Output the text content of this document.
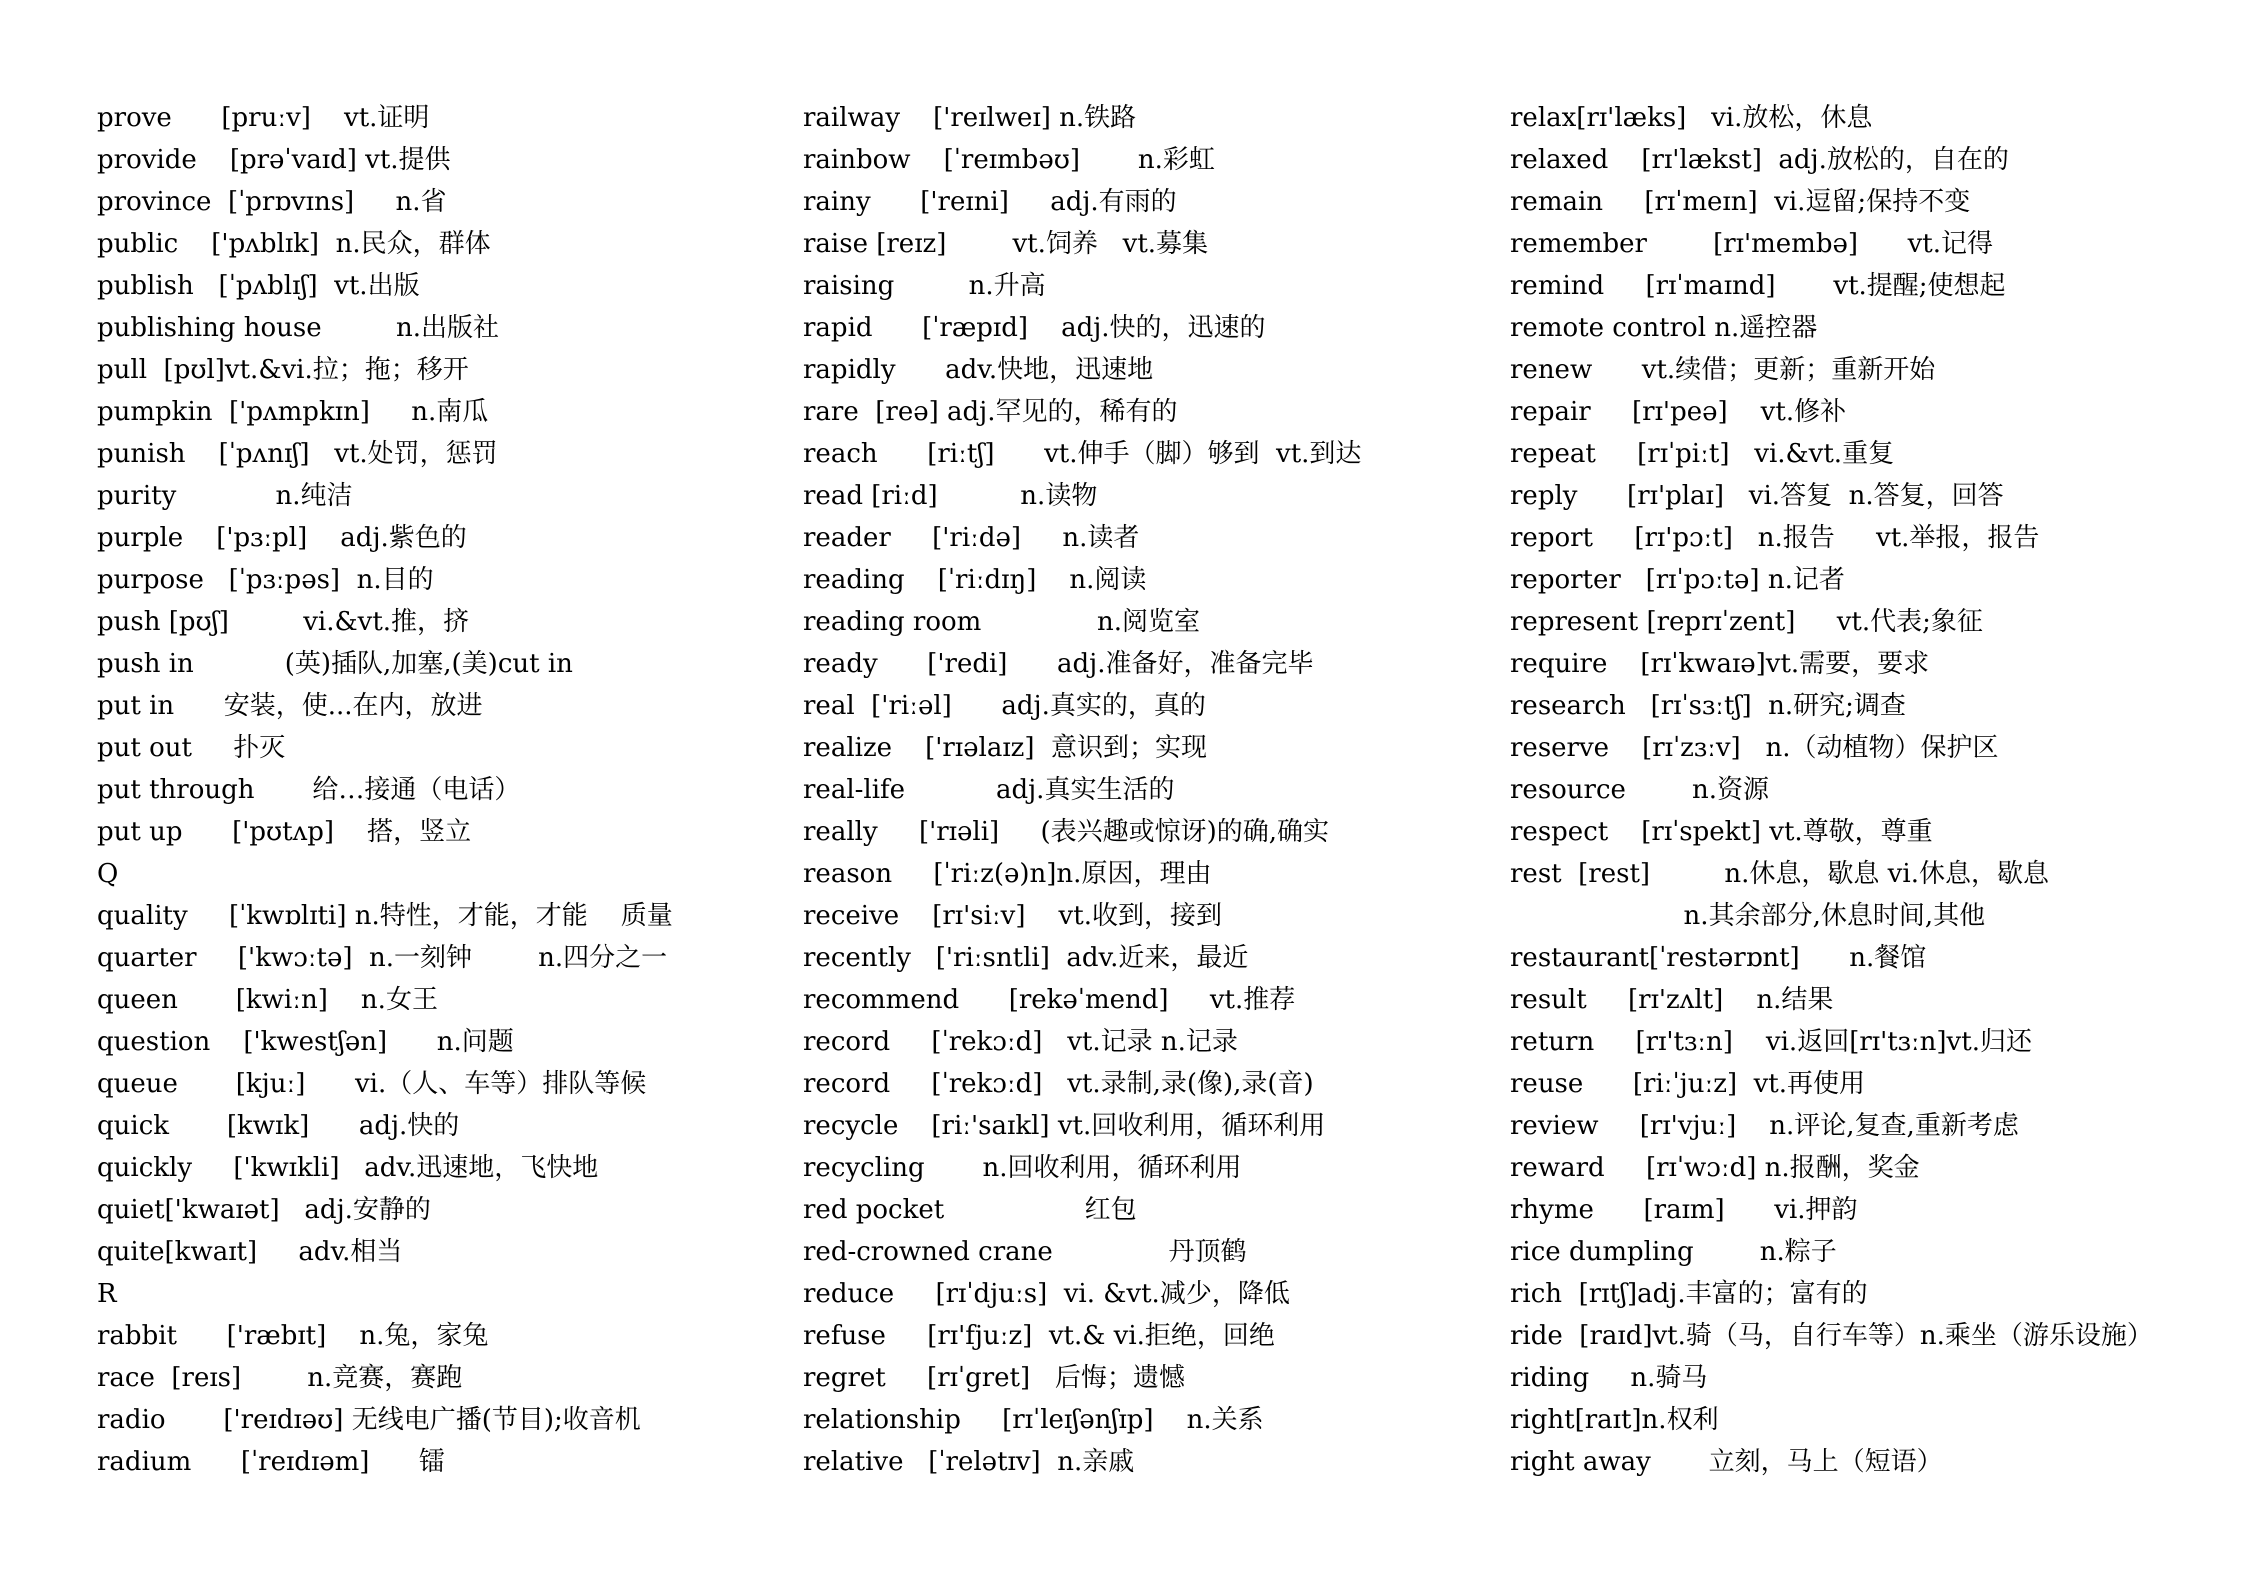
prove      [pruːv]    vt.证明
provide    [prəˈvaɪd] vt.提供
province  [ˈprɒvɪns]     n.省
public    ['pʌblɪk]  n.民众，群体
publish   [ˈpʌblɪʃ]  vt.出版
publishing house         n.出版社
pull  [pʊl]vt.&vi.拉；拖；移开
pumpkin  ['pʌmpkɪn]     n.南瓜
punish    [ˈpʌnɪʃ]   vt.处罚，惩罚
purity            n.纯洁
purple    ['pɜːpl]    adj.紫色的
purpose   [ˈpɜːpəs]  n.目的
push [pʊʃ]         vi.&vt.推，挤
push in           (英)插队,加塞,(美)cut in
put in      安装，使...在内，放进
put out     扑灭
put through       给…接通（电话）
put up      ['pʊtʌp]    搭，竖立
Q
quality     [ˈkwɒlɪti] n.特性，才能，才能    质量
quarter     ['kwɔːtə]  n.一刻钟        n.四分之一
queen       [kwiːn]    n.女王
question    ['kwestʃən]      n.问题
queue       [kjuː]      vi.（人、车等）排队等候
quick       [kwɪk]      adj.快的
quickly     ['kwɪkli]   adv.迅速地，飞快地
quiet['kwaɪət]   adj.安静的
quite[kwaɪt]     adv.相当
R
rabbit      ['ræbɪt]    n.兔，家兔
race  [reɪs]        n.竞赛，赛跑
radio       ['reɪdɪəʊ] 无线电广播(节目);收音机
radium      [ˈreɪdɪəm]      镭
railway    ['reɪlweɪ] n.铁路
rainbow    [ˈreɪmbəʊ]       n.彩虹
rainy      ['reɪni]     adj.有雨的
raise [reɪz]        vt.饲养   vt.募集
raising         n.升高
rapid      [ˈræpɪd]    adj.快的，迅速的
rapidly      adv.快地，迅速地
rare  [reə] adj.罕见的，稀有的
reach      [riːtʃ]      vt.伸手（脚）够到  vt.到达
read [riːd]          n.读物
reader     ['riːdə]     n.读者
reading    [ˈriːdɪŋ]    n.阅读
reading room              n.阅览室
ready      ['redi]      adj.准备好，准备完毕
real  ['riːəl]      adj.真实的，真的
realize    ['rɪəlaɪz]  意识到；实现
real-life           adj.真实生活的
really     ['rɪəli]     (表兴趣或惊讶)的确,确实
reason     [ˈriːz(ə)n]n.原因，理由
receive    [rɪ'siːv]    vt.收到，接到
recently   ['riːsntli]  adv.近来，最近
recommend      [rekəˈmend]     vt.推荐
record     [ˈrekɔːd]   vt.记录 n.记录
record     [ˈrekɔːd]   vt.录制,录(像),录(音)
recycle    [riː'saɪkl] vt.回收利用，循环利用
recycling       n.回收利用，循环利用
red pocket                 红包
red-crowned crane              丹顶鹤
reduce     [rɪˈdjuːs]  vi. &vt.减少，降低
refuse     [rɪ'fjuːz]  vt.& vi.拒绝，回绝
regret     [rɪˈgret]   后悔；遗憾
relationship     [rɪˈleɪʃənʃɪp]    n.关系
relative   [ˈrelətɪv]  n.亲戚
relax[rɪ'læks]   vi.放松，休息
relaxed    [rɪ'lækst]  adj.放松的，自在的
remain     [rɪˈmeɪn]  vi.逗留;保持不变
remember        [rɪ'membə]      vt.记得
remind     [rɪˈmaɪnd]       vt.提醒;使想起
remote control n.遥控器
renew      vt.续借；更新；重新开始
repair     [rɪ'peə]    vt.修补
repeat     [rɪˈpiːt]   vi.&vt.重复
reply      [rɪ'plaɪ]   vi.答复  n.答复，回答
report     [rɪ'pɔːt]   n.报告     vt.举报，报告
reporter   [rɪˈpɔːtə] n.记者
represent [reprɪˈzent]     vt.代表;象征
require    [rɪˈkwaɪə]vt.需要，要求
research   [rɪˈsɜːtʃ]  n.研究;调查
reserve    [rɪˈzɜːv]   n.（动植物）保护区
resource        n.资源
respect    [rɪˈspekt] vt.尊敬，尊重
rest  [rest]         n.休息，歇息 vi.休息，歇息
n.其余部分,休息时间,其他
restaurant[ˈrestərɒnt]      n.餐馆
result     [rɪ'zʌlt]    n.结果
return     [rɪ'tɜːn]    vi.返回[rɪ'tɜːn]vt.归还
reuse      [riːˈjuːz]  vt.再使用
review     [rɪ'vjuː]    n.评论,复查,重新考虑
reward     [rɪˈwɔːd] n.报酬，奖金
rhyme      [raɪm]      vi.押韵
rice dumpling        n.粽子
rich  [rɪtʃ]adj.丰富的；富有的
ride  [raɪd]vt.骑（马，自行车等）n.乘坐（游乐设施）
riding     n.骑马
right[raɪt]n.权利
right away       立刻，马上（短语）
